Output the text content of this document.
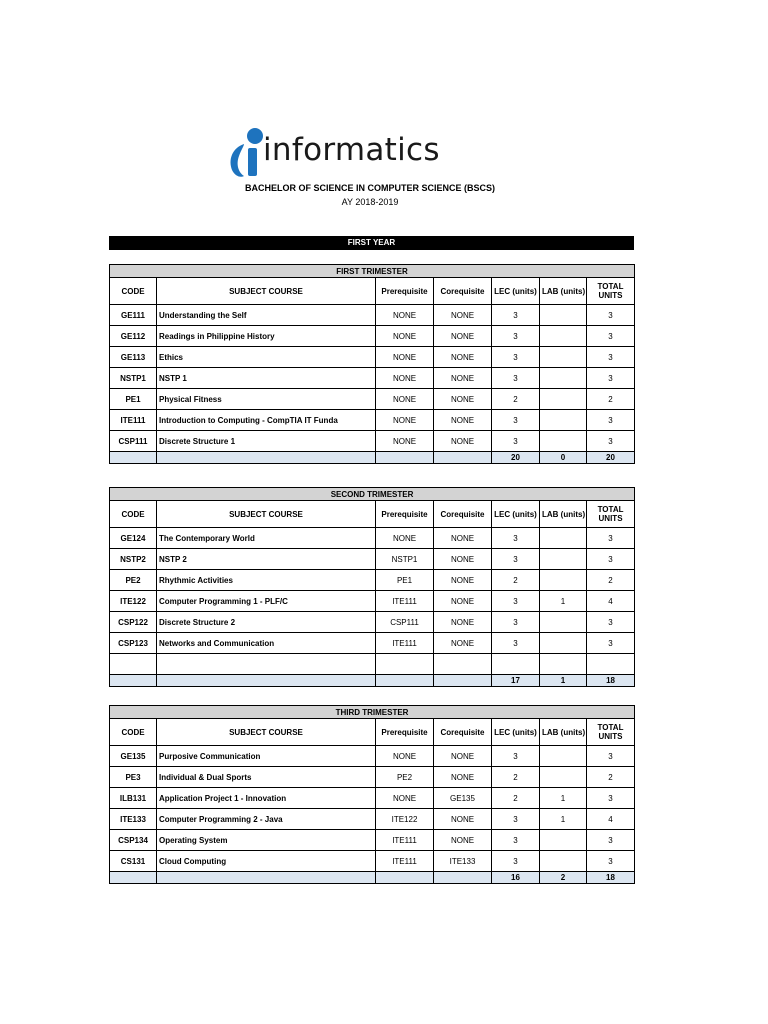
informatics
BACHELOR OF SCIENCE IN COMPUTER SCIENCE (BSCS)
AY 2018-2019
FIRST YEAR
FIRST TRIMESTER						
CODE	SUBJECT COURSE	Prerequisite	Corequisite	LEC (units)	LAB (units)	TOTAL UNITS
GE111	Understanding the Self	NONE	NONE	3		3
GE112	Readings in Philippine History	NONE	NONE	3		3
GE113	Ethics	NONE	NONE	3		3
NSTP1	NSTP 1	NONE	NONE	3		3
PE1	Physical Fitness	NONE	NONE	2		2
ITE111	Introduction to Computing - CompTIA IT Funda	NONE	NONE	3		3
CSP111	Discrete Structure 1	NONE	NONE	3		3
				20	0	20
SECOND TRIMESTER						
CODE	SUBJECT COURSE	Prerequisite	Corequisite	LEC (units)	LAB (units)	TOTAL UNITS
GE124	The Contemporary World	NONE	NONE	3		3
NSTP2	NSTP 2	NSTP1	NONE	3		3
PE2	Rhythmic Activities	PE1	NONE	2		2
ITE122	Computer Programming 1 - PLF/C	ITE111	NONE	3	1	4
CSP122	Discrete Structure 2	CSP111	NONE	3		3
CSP123	Networks and Communication	ITE111	NONE	3		3

				17	1	18
THIRD TRIMESTER						
CODE	SUBJECT COURSE	Prerequisite	Corequisite	LEC (units)	LAB (units)	TOTAL UNITS
GE135	Purposive Communication	NONE	NONE	3		3
PE3	Individual & Dual Sports	PE2	NONE	2		2
ILB131	Application Project 1 - Innovation	NONE	GE135	2	1	3
ITE133	Computer Programming 2 - Java	ITE122	NONE	3	1	4
CSP134	Operating System	ITE111	NONE	3		3
CS131	Cloud Computing	ITE111	ITE133	3		3
				16	2	18
